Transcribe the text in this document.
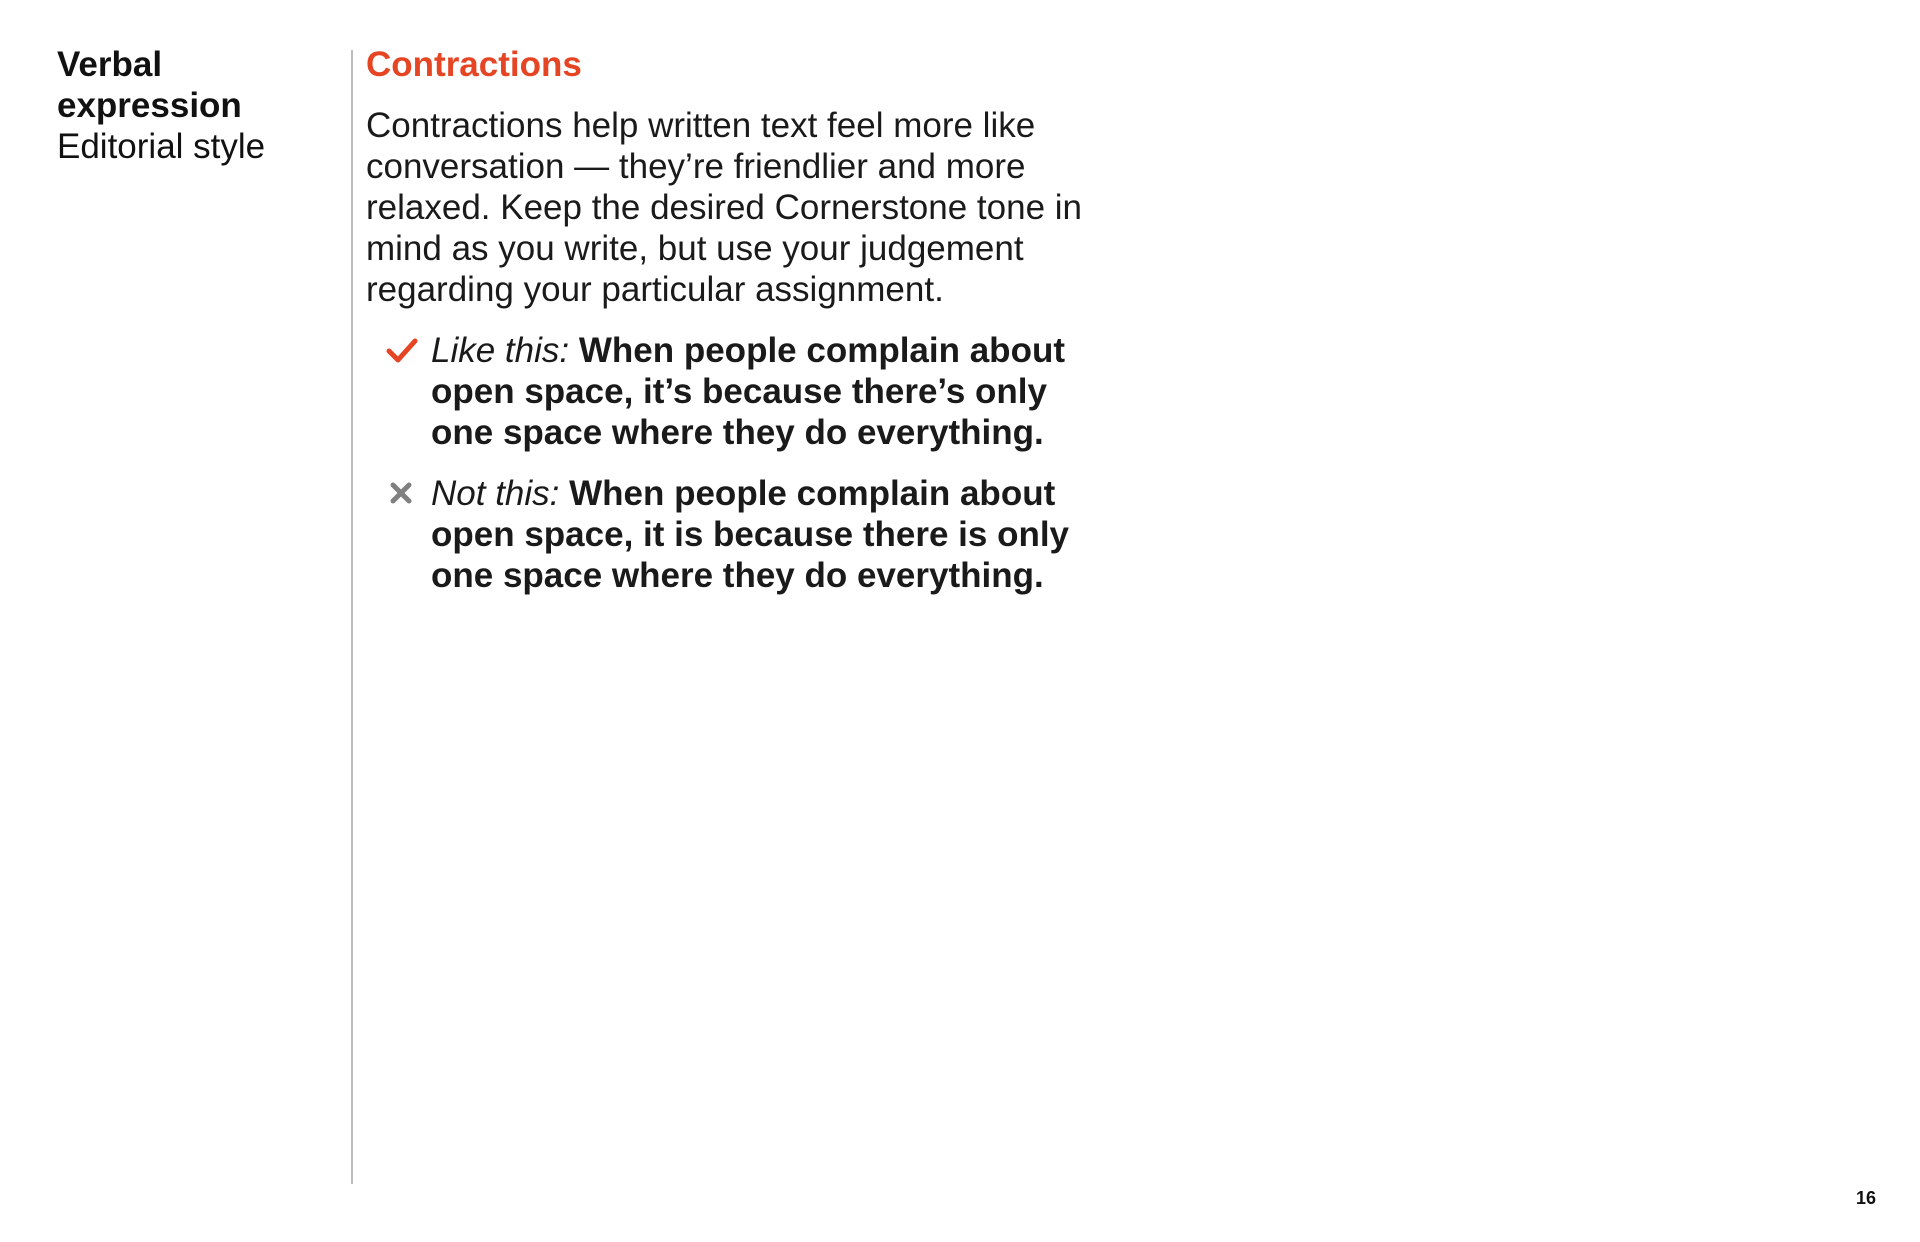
Verbal expression
Editorial style
Contractions

Contractions help written text feel more like conversation — they’re friendlier and more relaxed. Keep the desired Cornerstone tone in mind as you write, but use your judgement regarding your particular assignment.

Like this: When people complain about open space, it’s because there’s only one space where they do everything.
Not this: When people complain about open space, it is because there is only one space where they do everything.
16
